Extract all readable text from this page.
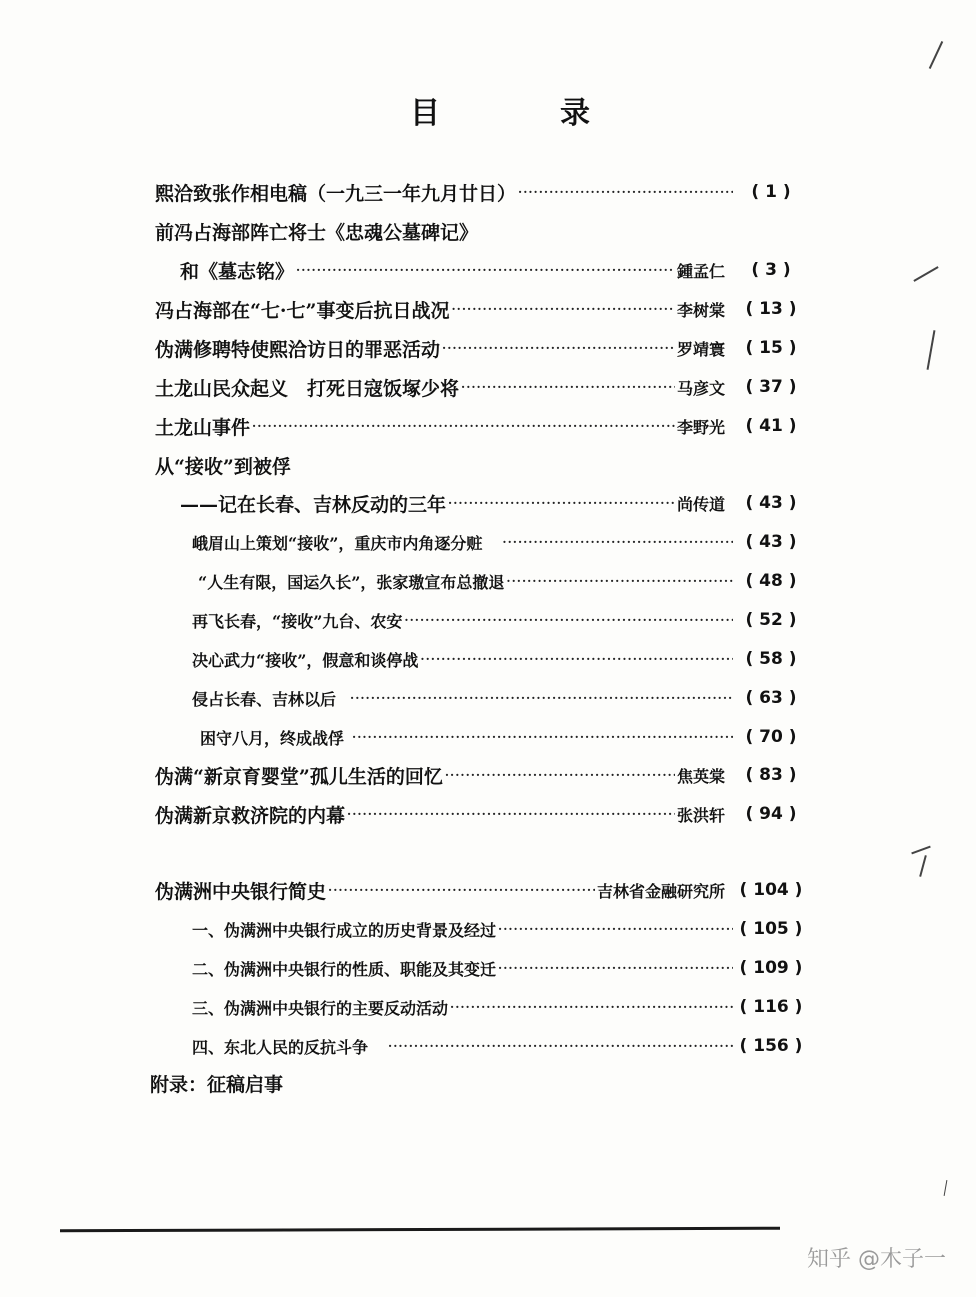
目	录
熙洽致张作相电稿（一九三一年九月廿日） ·····	( 1 )
前冯占海部阵亡将士《忠魂公墓碑记》
和《墓志铭》 ·····	鍾孟仁	( 3 )
冯占海部在“七·七”事变后抗日战况 ·····	李树棠	( 13 )
伪满修聘特使熙洽访日的罪恶活动 ·····	罗靖寰	( 15 )
土龙山民众起义　打死日寇饭塚少将 ·····	马彦文	( 37 )
土龙山事件 ·····	李野光	( 41 )
从“接收”到被俘
——记在长春、吉林反动的三年 ·····	尚传道	( 43 )
峨眉山上策划“接收”，重庆市内角逐分赃 ·····	( 43 )
“人生有限，国运久长”，张家璈宣布总撤退 ·····	( 48 )
再飞长春，“接收”九台、农安 ·····	( 52 )
决心武力“接收”，假意和谈停战 ·····	( 58 )
侵占长春、吉林以后 ·····	( 63 )
困守八月，终成战俘 ·····	( 70 )
伪满“新京育婴堂”孤儿生活的回忆 ·····	焦英棠	( 83 )
伪满新京救济院的内幕 ·····	张洪轩	( 94 )
伪满洲中央银行简史 ·····	吉林省金融研究所	( 104 )
一、伪满洲中央银行成立的历史背景及经过 ·····	( 105 )
二、伪满洲中央银行的性质、职能及其变迁 ·····	( 109 )
三、伪满洲中央银行的主要反动活动 ·····	( 116 )
四、东北人民的反抗斗争 ·····	( 156 )
附录：征稿启事
知乎 @木子一
